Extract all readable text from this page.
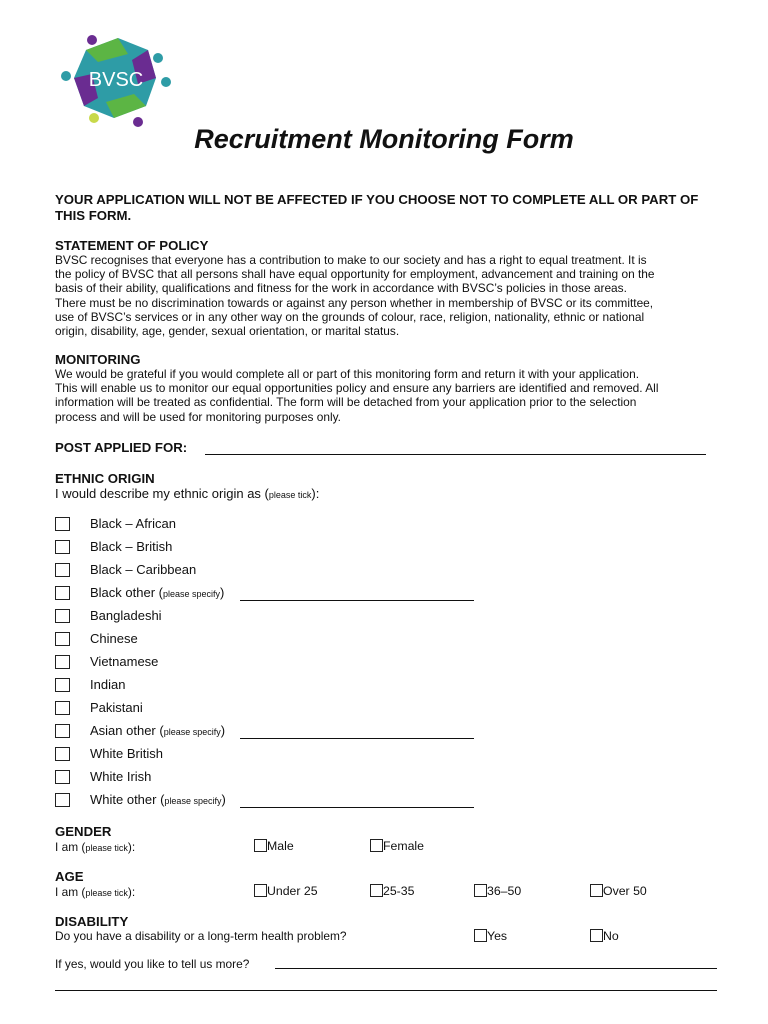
BVSC
Recruitment Monitoring Form
YOUR APPLICATION WILL NOT BE AFFECTED IF YOU CHOOSE NOT TO COMPLETE ALL OR PART OF THIS FORM.
STATEMENT OF POLICY
BVSC recognises that everyone has a contribution to make to our society and has a right to equal treatment. It is
the policy of BVSC that all persons shall have equal opportunity for employment, advancement and training on the
basis of their ability, qualifications and fitness for the work in accordance with BVSC’s policies in those areas.
There must be no discrimination towards or against any person whether in membership of BVSC or its committee,
use of BVSC’s services or in any other way on the grounds of colour, race, religion, nationality, ethnic or national
origin, disability, age, gender, sexual orientation, or marital status.
MONITORING
We would be grateful if you would complete all or part of this monitoring form and return it with your application.
This will enable us to monitor our equal opportunities policy and ensure any barriers are identified and removed. All
information will be treated as confidential. The form will be detached from your application prior to the selection
process and will be used for monitoring purposes only.
POST APPLIED FOR:
ETHNIC ORIGIN
I would describe my ethnic origin as (please tick):
Black – African
Black – British
Black – Caribbean
Black other (please specify)
Bangladeshi
Chinese
Vietnamese
Indian
Pakistani
Asian other (please specify)
White British
White Irish
White other (please specify)
GENDER
I am (please tick):	Male	Female
AGE
I am (please tick):	Under 25	25-35	36–50	Over 50
DISABILITY
Do you have a disability or a long-term health problem?	Yes	No
If yes, would you like to tell us more?
